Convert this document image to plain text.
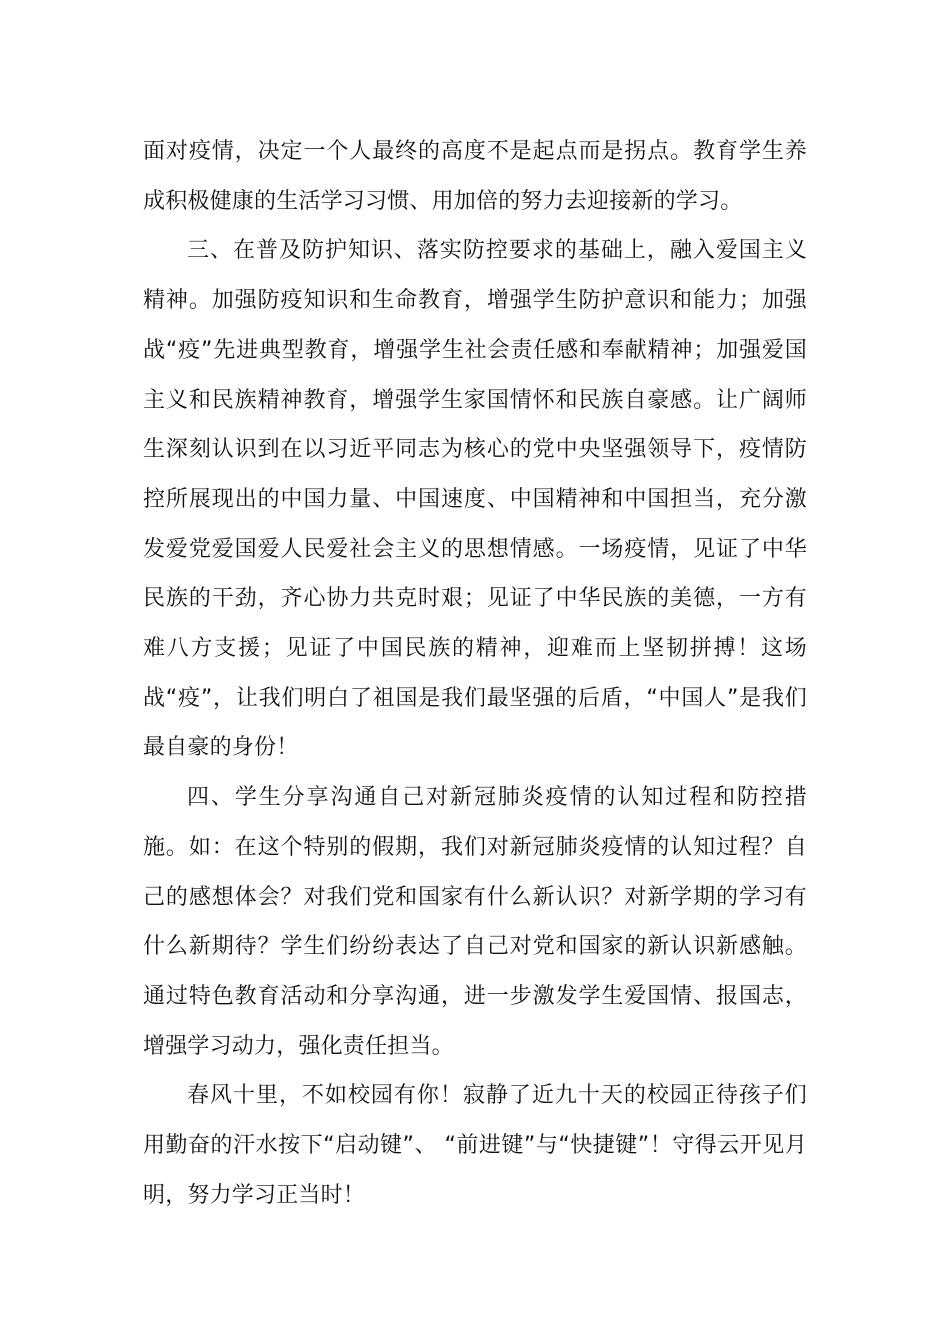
面对疫情，决定一个人最终的高度不是起点而是拐点。教育学生养成积极健康的生活学习习惯、用加倍的努力去迎接新的学习。

三、在普及防护知识、落实防控要求的基础上，融入爱国主义精神。加强防疫知识和生命教育，增强学生防护意识和能力；加强战“疫”先进典型教育，增强学生社会责任感和奉献精神；加强爱国主义和民族精神教育，增强学生家国情怀和民族自豪感。让广阔师生深刻认识到在以习近平同志为核心的党中央坚强领导下，疫情防控所展现出的中国力量、中国速度、中国精神和中国担当，充分激发爱党爱国爱人民爱社会主义的思想情感。一场疫情，见证了中华民族的干劲，齐心协力共克时艰；见证了中华民族的美德，一方有难八方支援；见证了中国民族的精神，迎难而上坚韧拼搏！这场战“疫”，让我们明白了祖国是我们最坚强的后盾，“中国人”是我们最自豪的身份！

四、学生分享沟通自己对新冠肺炎疫情的认知过程和防控措施。如：在这个特别的假期，我们对新冠肺炎疫情的认知过程？自己的感想体会？对我们党和国家有什么新认识？对新学期的学习有什么新期待？学生们纷纷表达了自己对党和国家的新认识新感触。通过特色教育活动和分享沟通，进一步激发学生爱国情、报国志，增强学习动力，强化责任担当。

春风十里，不如校园有你！寂静了近九十天的校园正待孩子们用勤奋的汗水按下“启动键”、 “前进键”与“快捷键”！守得云开见月明，努力学习正当时！
